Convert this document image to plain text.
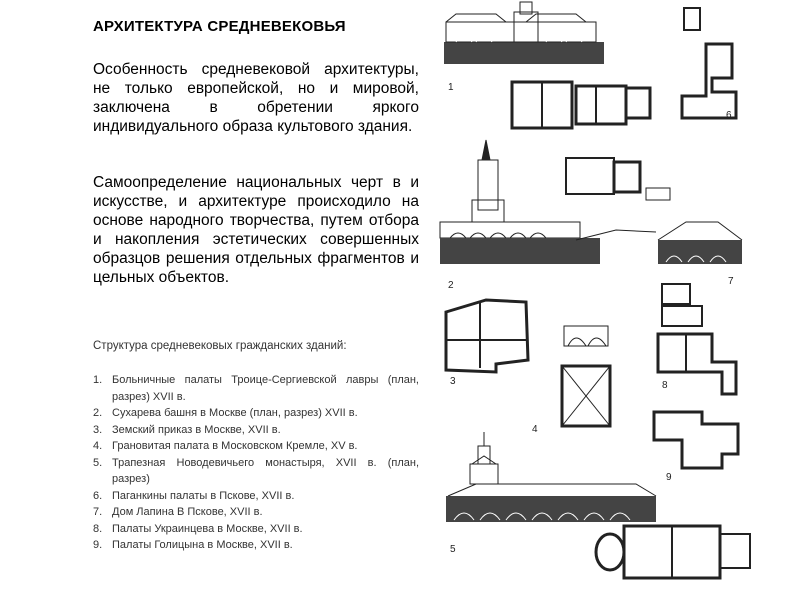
АРХИТЕКТУРА СРЕДНЕВЕКОВЬЯ
Особенность средневековой архитектуры, не только европейской, но и мировой, заключена в обретении яркого индивидуального образа культового здания.
Самоопределение национальных черт в и искусстве, и архитектуре происходило на основе народного творчества, путем отбора и накопления эстетических совершенных образцов решения отдельных фрагментов и цельных объектов.
Структура средневековых гражданских зданий:
1. Больничные палаты Троице-Сергиевской лавры (план, разрез) XVII в.
2. Сухарева башня в Москве (план, разрез) XVII в.
3. Земский приказ в Москве, XVII в.
4. Грановитая палата в Московском Кремле, XV в.
5. Трапезная Новодевичьего монастыря, XVII в. (план, разрез)
6. Паганкины палаты в Пскове, XVII в.
7. Дом Лапина В Пскове, XVII в.
8. Палаты Украинцева в Москве, XVII в.
9. Палаты Голицына в Москве, XVII в.
1
6
2	7
3
4
8
9
5
